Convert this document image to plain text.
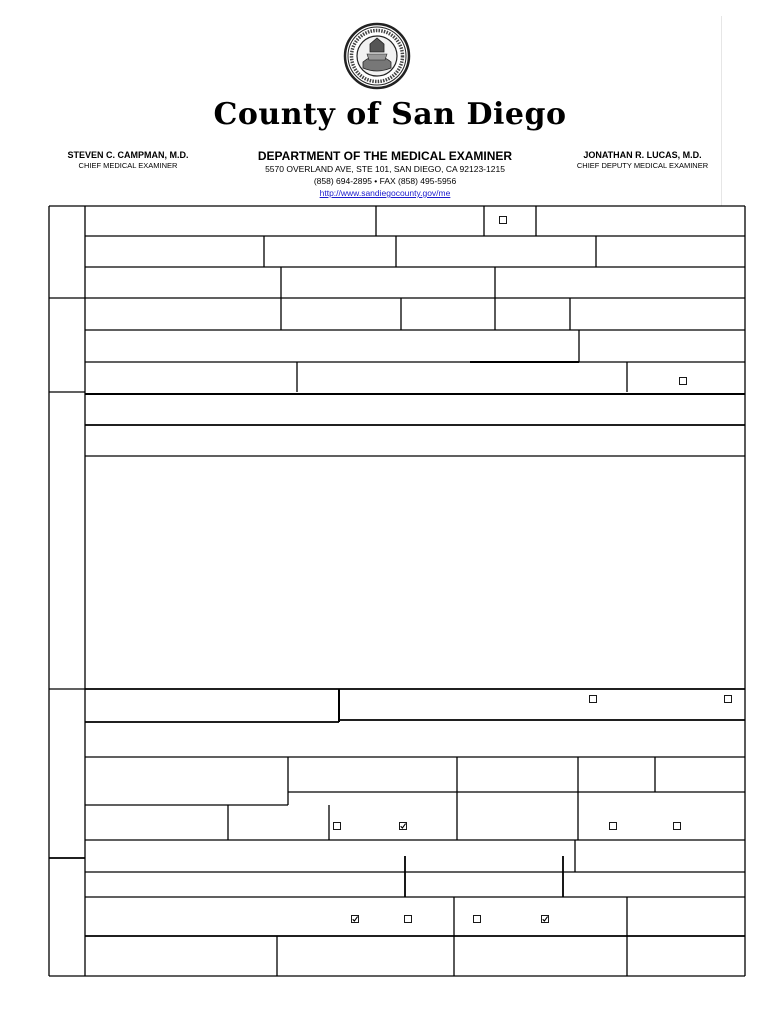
County of San Diego
STEVEN C. CAMPMAN, M.D.
CHIEF MEDICAL EXAMINER
DEPARTMENT OF THE MEDICAL EXAMINER
5570 OVERLAND AVE, STE 101, SAN DIEGO, CA 92123-1215
(858) 694-2895 • FAX (858) 495-5956
http://www.sandiegocounty.gov/me
JONATHAN R. LUCAS, M.D.
CHIEF DEPUTY MEDICAL EXAMINER
